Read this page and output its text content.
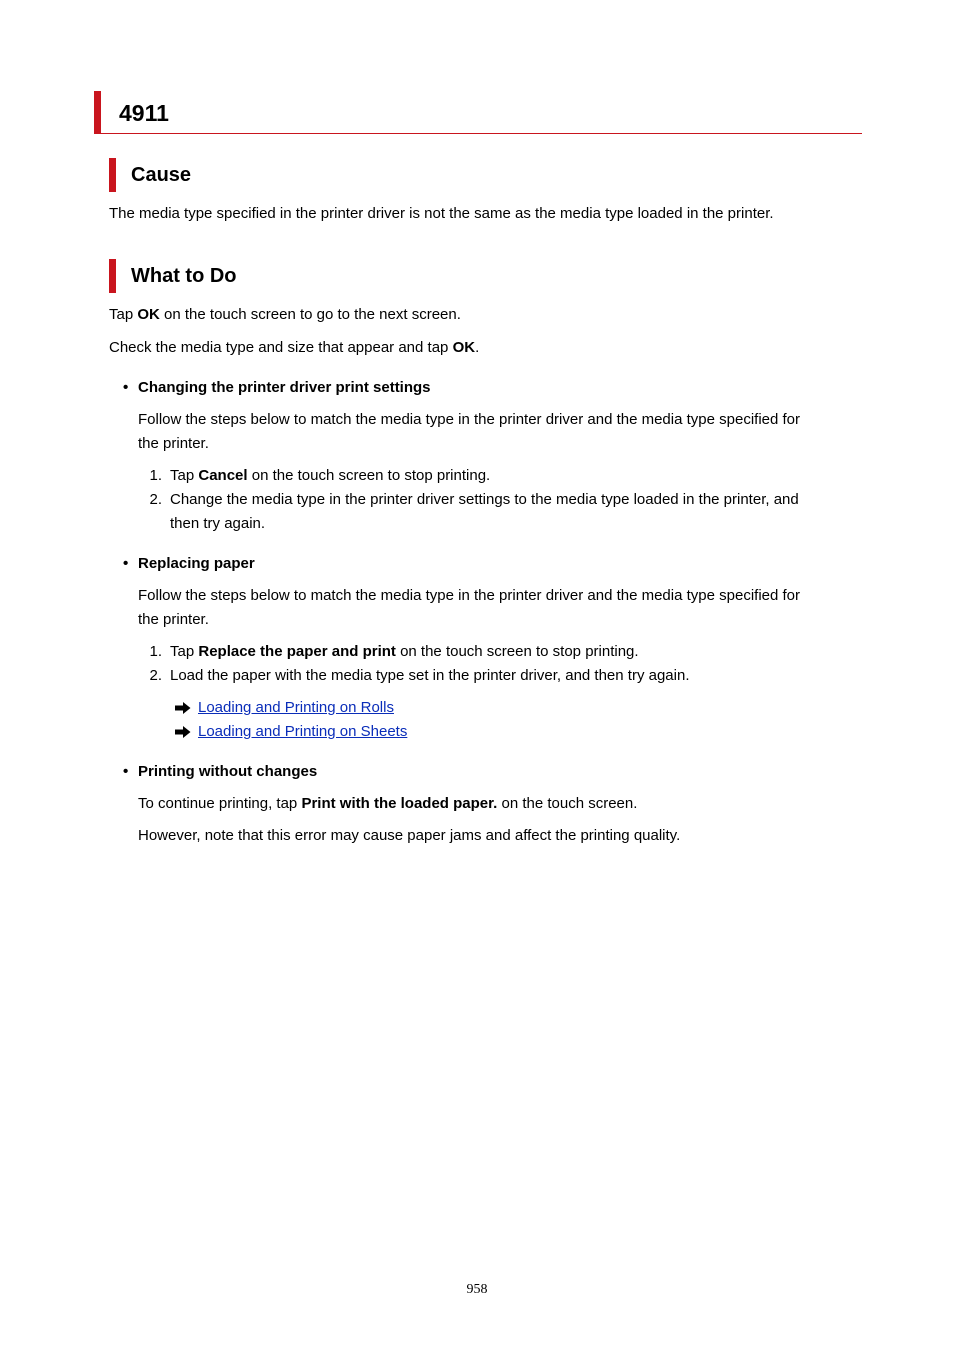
4911
Cause

The media type specified in the printer driver is not the same as the media type loaded in the printer.

What to Do

Tap OK on the touch screen to go to the next screen.

Check the media type and size that appear and tap OK.

• Changing the printer driver print settings

Follow the steps below to match the media type in the printer driver and the media type specified for

the printer.

1. Tap Cancel on the touch screen to stop printing.

2. Change the media type in the printer driver settings to the media type loaded in the printer, and

then try again.

• Replacing paper

Follow the steps below to match the media type in the printer driver and the media type specified for

the printer.

1. Tap Replace the paper and print on the touch screen to stop printing.

2. Load the paper with the media type set in the printer driver, and then try again.

Loading and Printing on Rolls
Loading and Printing on Sheets
• Printing without changes

To continue printing, tap Print with the loaded paper. on the touch screen.

However, note that this error may cause paper jams and affect the printing quality.

958
